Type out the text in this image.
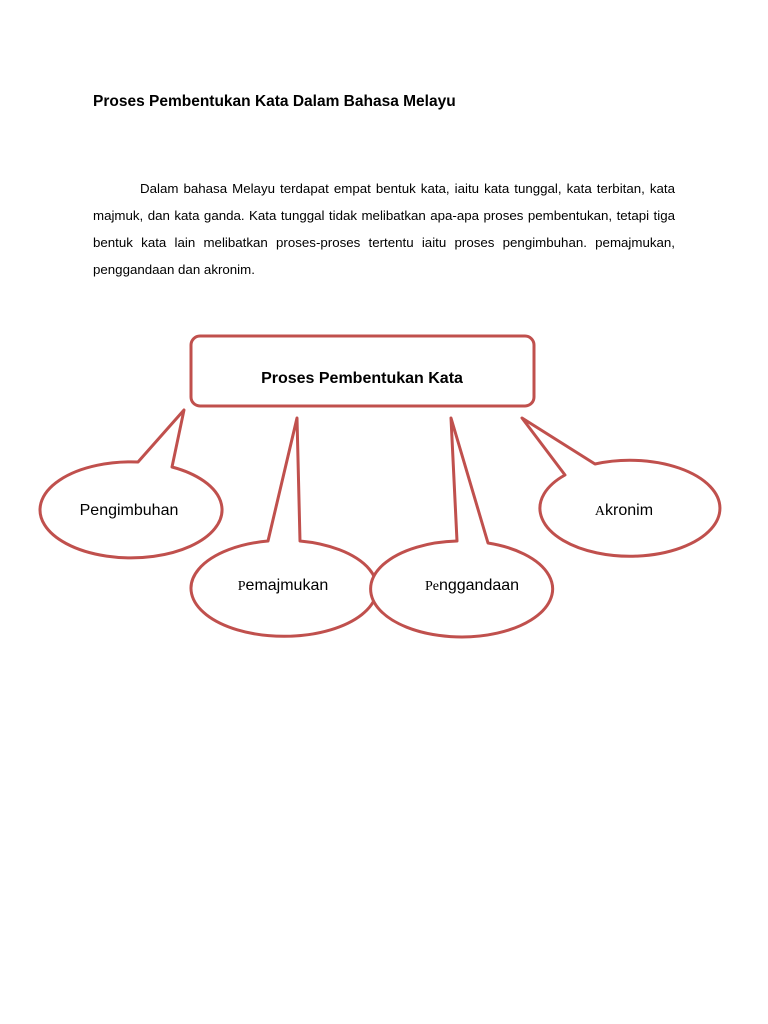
Proses Pembentukan Kata Dalam Bahasa Melayu

Dalam bahasa Melayu terdapat empat bentuk kata, iaitu kata tunggal, kata terbitan, kata majmuk, dan kata ganda. Kata tunggal tidak melibatkan apa-apa proses pembentukan, tetapi tiga bentuk kata lain melibatkan proses-proses tertentu iaitu proses pengimbuhan. pemajmukan, penggandaan dan akronim.

Proses Pembentukan Kata
Pengimbuhan
Pemajmukan	Penggandaan
Akronim
